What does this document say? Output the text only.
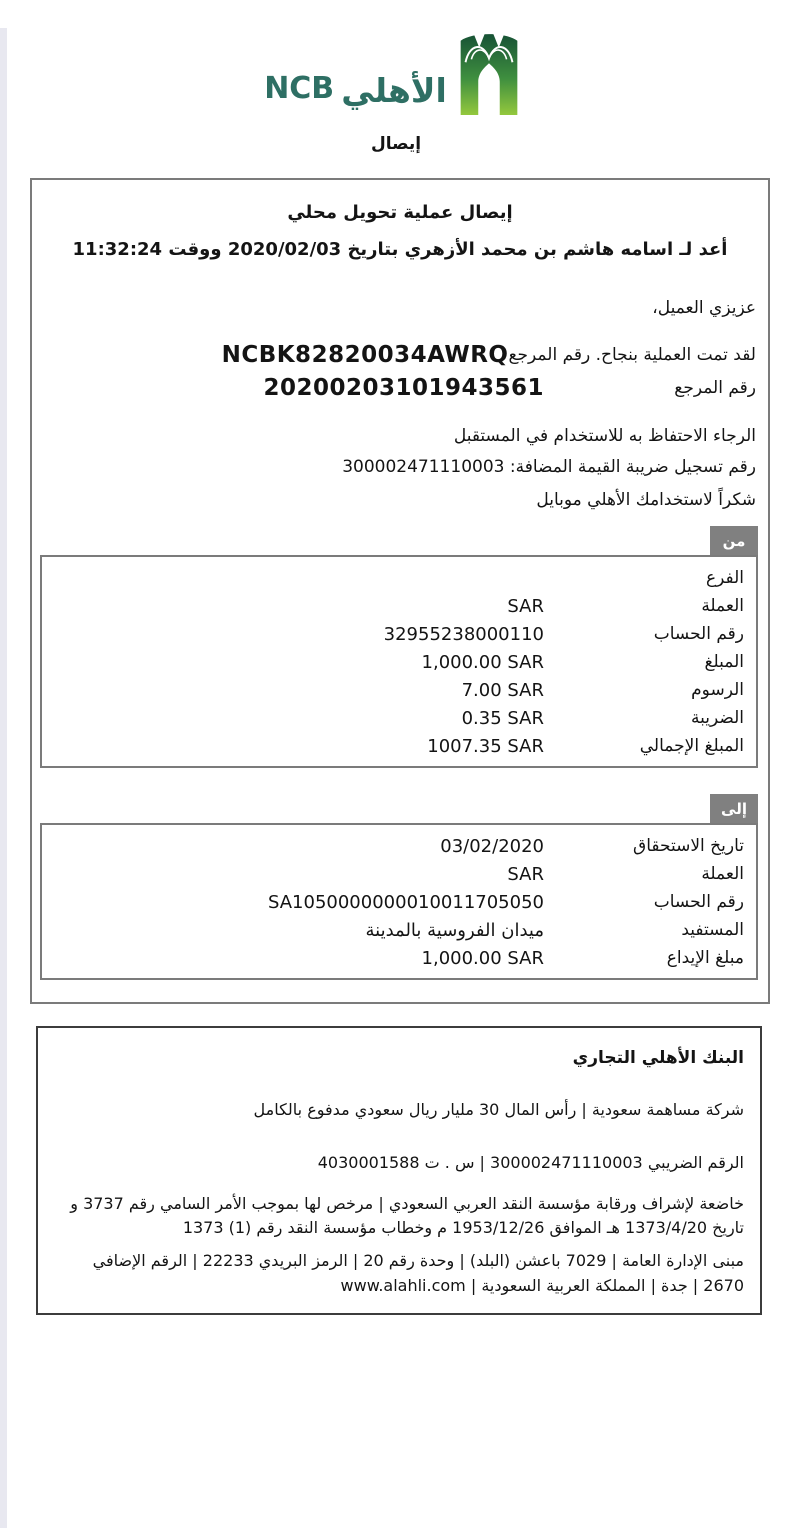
NCB الأهلي
إيصال
إيصال عملية تحويل محلي
أعد لـ اسامه هاشم بن محمد الأزهري بتاريخ 2020/02/03 ووقت 11:32:24

عزيزي العميل،

لقد تمت العملية بنجاح. رقم المرجع
NCBK82820034AWRQ
رقم المرجع
20200203101943561

الرجاء الاحتفاظ به للاستخدام في المستقبل

رقم تسجيل ضريبة القيمة المضافة: 300002471110003

شكراً لاستخدامك الأهلي موبايل

من
الفرع
العملة
SAR
رقم الحساب
32955238000110
المبلغ
1,000.00 SAR
الرسوم
7.00 SAR
الضريبة
0.35 SAR
المبلغ الإجمالي
1007.35 SAR
إلى
تاريخ الاستحقاق
03/02/2020
العملة
SAR
رقم الحساب
SA1050000000010011705050
المستفيد
ميدان الفروسية بالمدينة
مبلغ الإيداع
1,000.00 SAR
البنك الأهلي التجاري

شركة مساهمة سعودية | رأس المال 30 مليار ريال سعودي مدفوع بالكامل

الرقم الضريبي 300002471110003 | س . ت 4030001588

خاضعة لإشراف ورقابة مؤسسة النقد العربي السعودي | مرخص لها بموجب الأمر السامي رقم 3737 و تاريخ 1373/4/20 هـ الموافق 1953/12/26 م وخطاب مؤسسة النقد رقم (1) 1373

مبنى الإدارة العامة | 7029 باعشن (البلد) | وحدة رقم 20 | الرمز البريدي 22233 | الرقم الإضافي 2670 | جدة | المملكة العربية السعودية | www.alahli.com
